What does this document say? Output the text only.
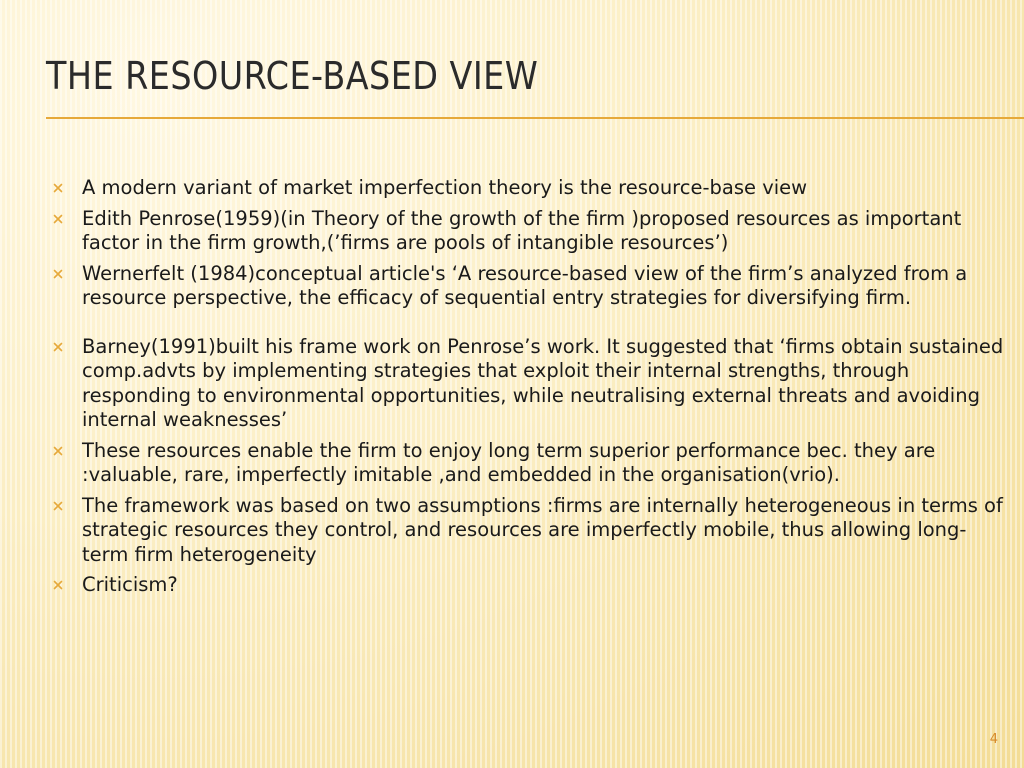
THE RESOURCE-BASED VIEW
A modern variant of market imperfection theory is the resource-base view
Edith Penrose(1959)(in Theory of the growth of the firm )proposed resources as important factor in the firm growth,(’firms are pools of intangible resources’)
Wernerfelt (1984)conceptual article's ‘A resource-based view of the firm’s analyzed from a resource perspective, the efficacy of sequential entry strategies for diversifying firm.
Barney(1991)built his frame work on Penrose’s work. It suggested that ‘firms obtain sustained comp.advts by implementing strategies that exploit their internal strengths, through responding to environmental opportunities, while neutralising external threats and avoiding internal weaknesses’
These resources enable the firm to enjoy long term superior performance bec. they are :valuable, rare, imperfectly imitable ,and embedded in the organisation(vrio).
The framework was based on two assumptions :firms are internally heterogeneous in terms of strategic resources they control, and resources are imperfectly mobile, thus allowing long-term firm heterogeneity
Criticism?
4
